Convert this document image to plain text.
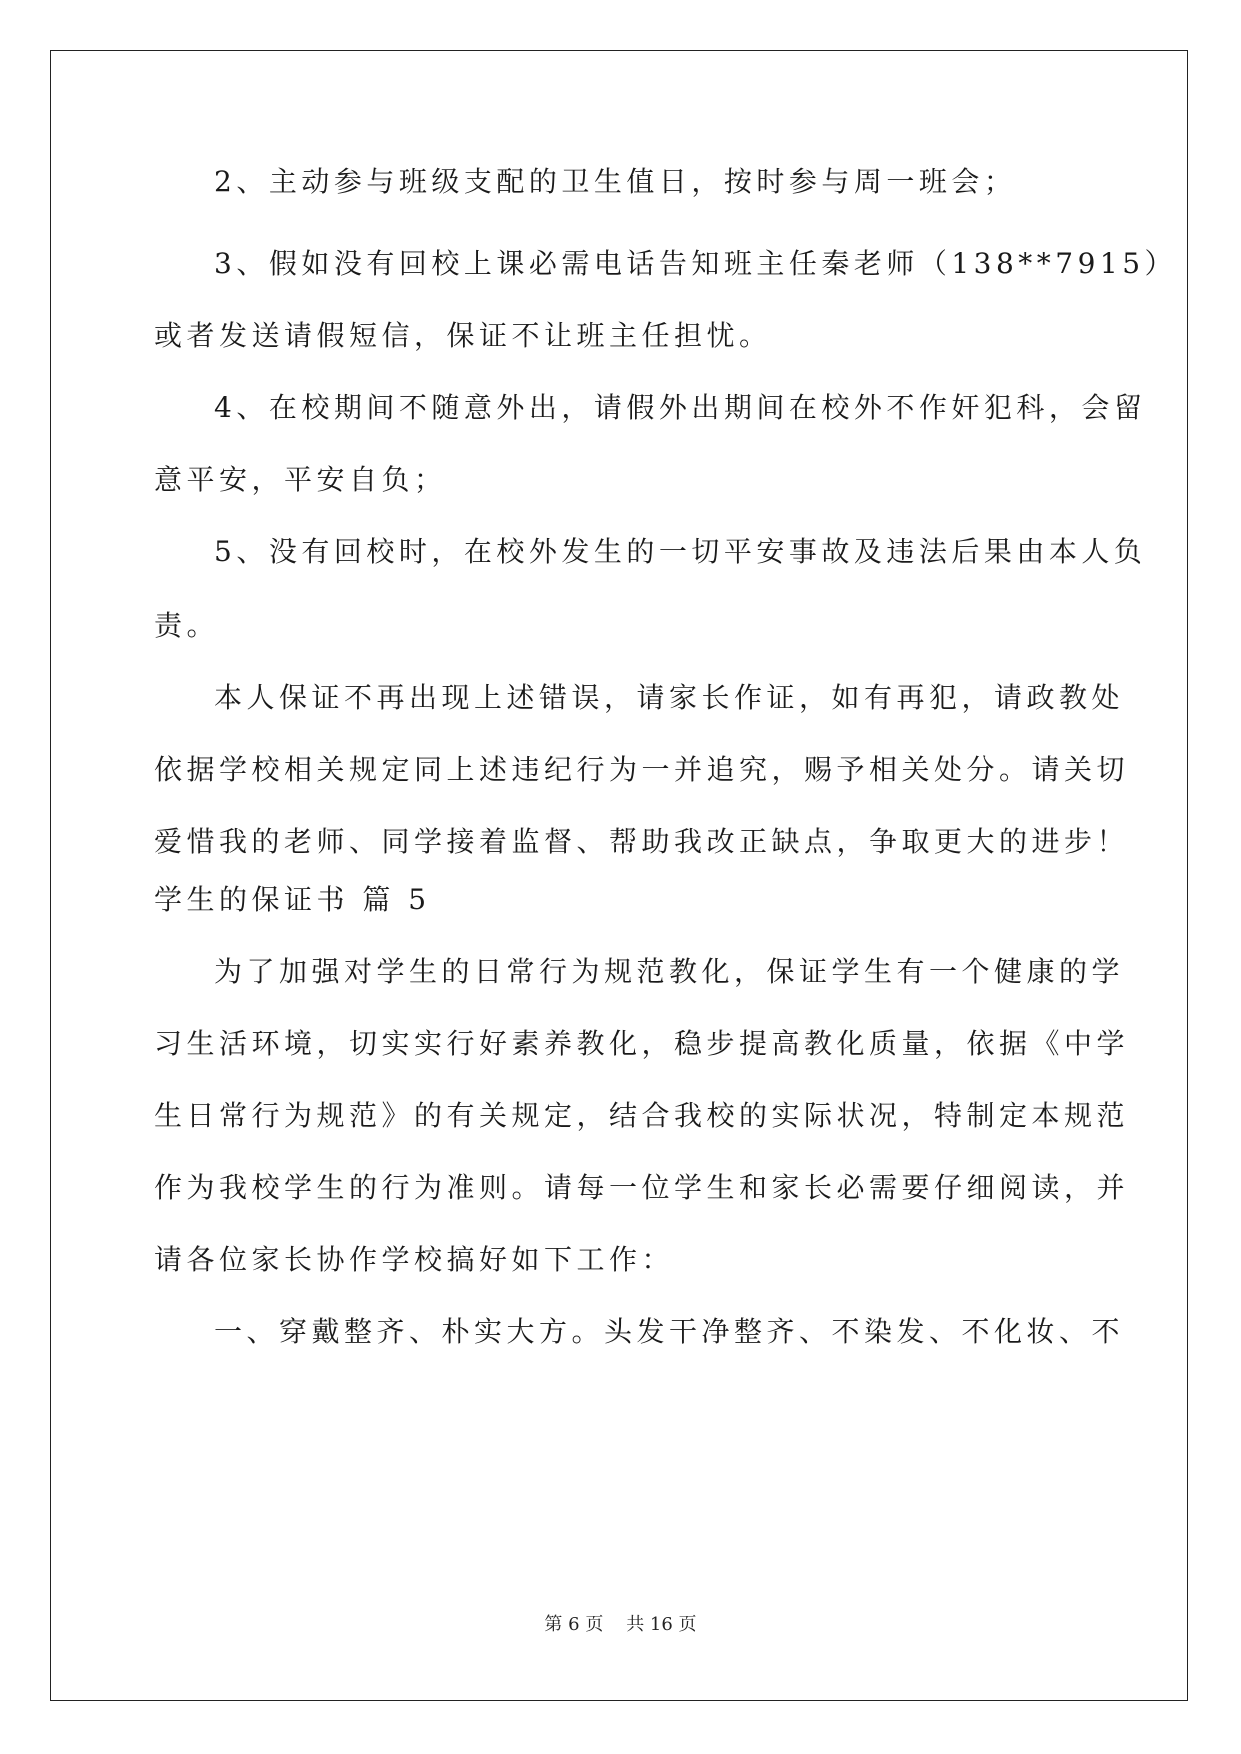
2、主动参与班级支配的卫生值日，按时参与周一班会；
3、假如没有回校上课必需电话告知班主任秦老师（138**7915）
或者发送请假短信，保证不让班主任担忧。
4、在校期间不随意外出，请假外出期间在校外不作奸犯科，会留
意平安，平安自负；
5、没有回校时，在校外发生的一切平安事故及违法后果由本人负
责。
本人保证不再出现上述错误，请家长作证，如有再犯，请政教处
依据学校相关规定同上述违纪行为一并追究，赐予相关处分。请关切
爱惜我的老师、同学接着监督、帮助我改正缺点，争取更大的进步！
学生的保证书 篇 5
为了加强对学生的日常行为规范教化，保证学生有一个健康的学
习生活环境，切实实行好素养教化，稳步提高教化质量，依据《中学
生日常行为规范》的有关规定，结合我校的实际状况，特制定本规范
作为我校学生的行为准则。请每一位学生和家长必需要仔细阅读，并
请各位家长协作学校搞好如下工作：
一、穿戴整齐、朴实大方。头发干净整齐、不染发、不化妆、不
第 6 页    共 16 页
